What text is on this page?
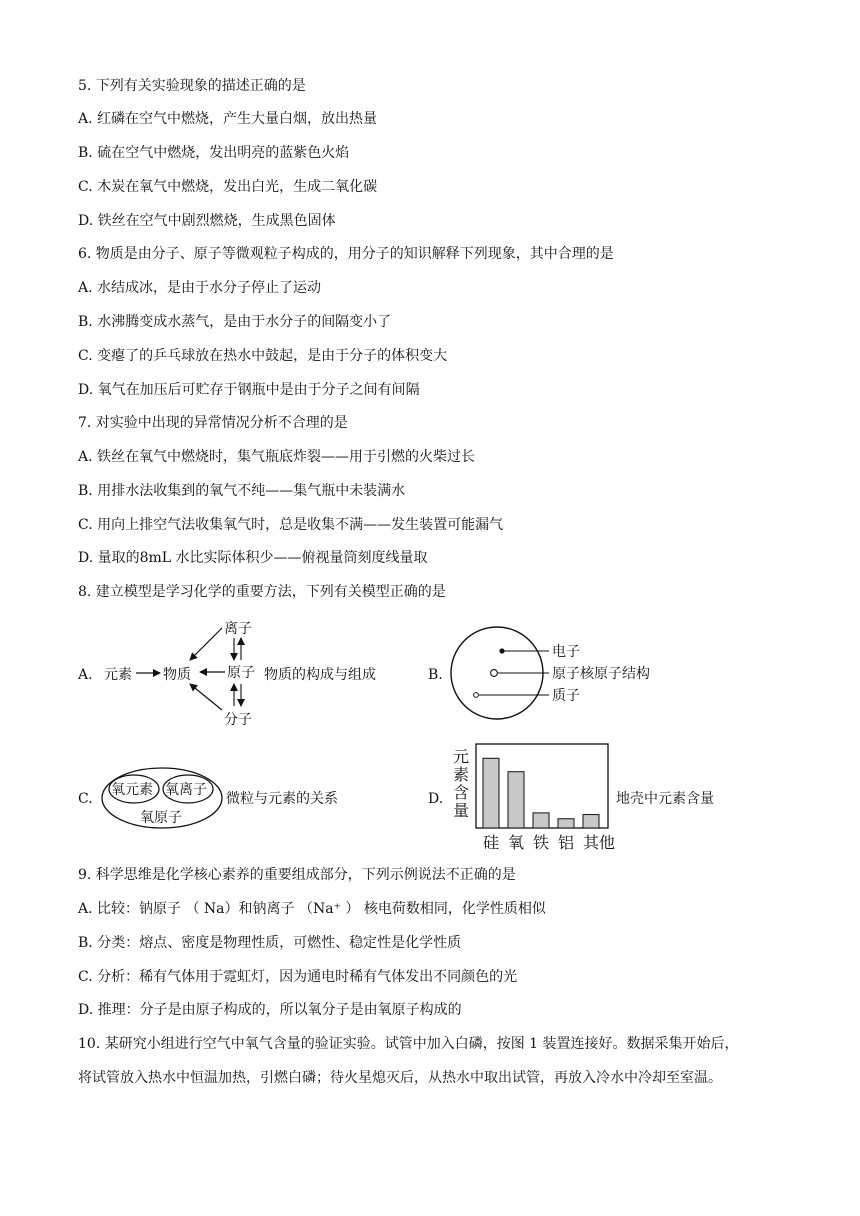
5. 下列有关实验现象的描述正确的是
A. 红磷在空气中燃烧，产生大量白烟，放出热量
B. 硫在空气中燃烧，发出明亮的蓝紫色火焰
C. 木炭在氧气中燃烧，发出白光，生成二氧化碳
D. 铁丝在空气中剧烈燃烧，生成黑色固体
6. 物质是由分子、原子等微观粒子构成的，用分子的知识解释下列现象，其中合理的是
A. 水结成冰，是由于水分子停止了运动
B. 水沸腾变成水蒸气，是由于水分子的间隔变小了
C. 变瘪了的乒乓球放在热水中鼓起，是由于分子的体积变大
D. 氧气在加压后可贮存于钢瓶中是由于分子之间有间隔
7. 对实验中出现的异常情况分析不合理的是
A. 铁丝在氧气中燃烧时，集气瓶底炸裂——用于引燃的火柴过长
B. 用排水法收集到的氧气不纯——集气瓶中未装满水
C. 用向上排空气法收集氧气时，总是收集不满——发生装置可能漏气
D. 量取的8mL 水比实际体积少——俯视量筒刻度线量取
8. 建立模型是学习化学的重要方法，下列有关模型正确的是
A. 元素 物质
离子
原子
分子
物质的构成与组成	B.
电子
原子核原子结构
质子
C.
氧元素 氧离子
氧原子
微粒与元素的关系	D.
元
素
含
量
硅 氧 铁 铝 其他
地壳中元素含量
9. 科学思维是化学核心素养的重要组成部分，下列示例说法不正确的是
A. 比较：钠原子 （ Na）和钠离子 （Na⁺ ） 核电荷数相同，化学性质相似
B. 分类：熔点、密度是物理性质，可燃性、稳定性是化学性质
C. 分析：稀有气体用于霓虹灯，因为通电时稀有气体发出不同颜色的光
D. 推理：分子是由原子构成的，所以氧分子是由氧原子构成的
10. 某研究小组进行空气中氧气含量的验证实验。试管中加入白磷，按图 1 装置连接好。数据采集开始后，
将试管放入热水中恒温加热，引燃白磷；待火星熄灭后，从热水中取出试管，再放入冷水中冷却至室温。
